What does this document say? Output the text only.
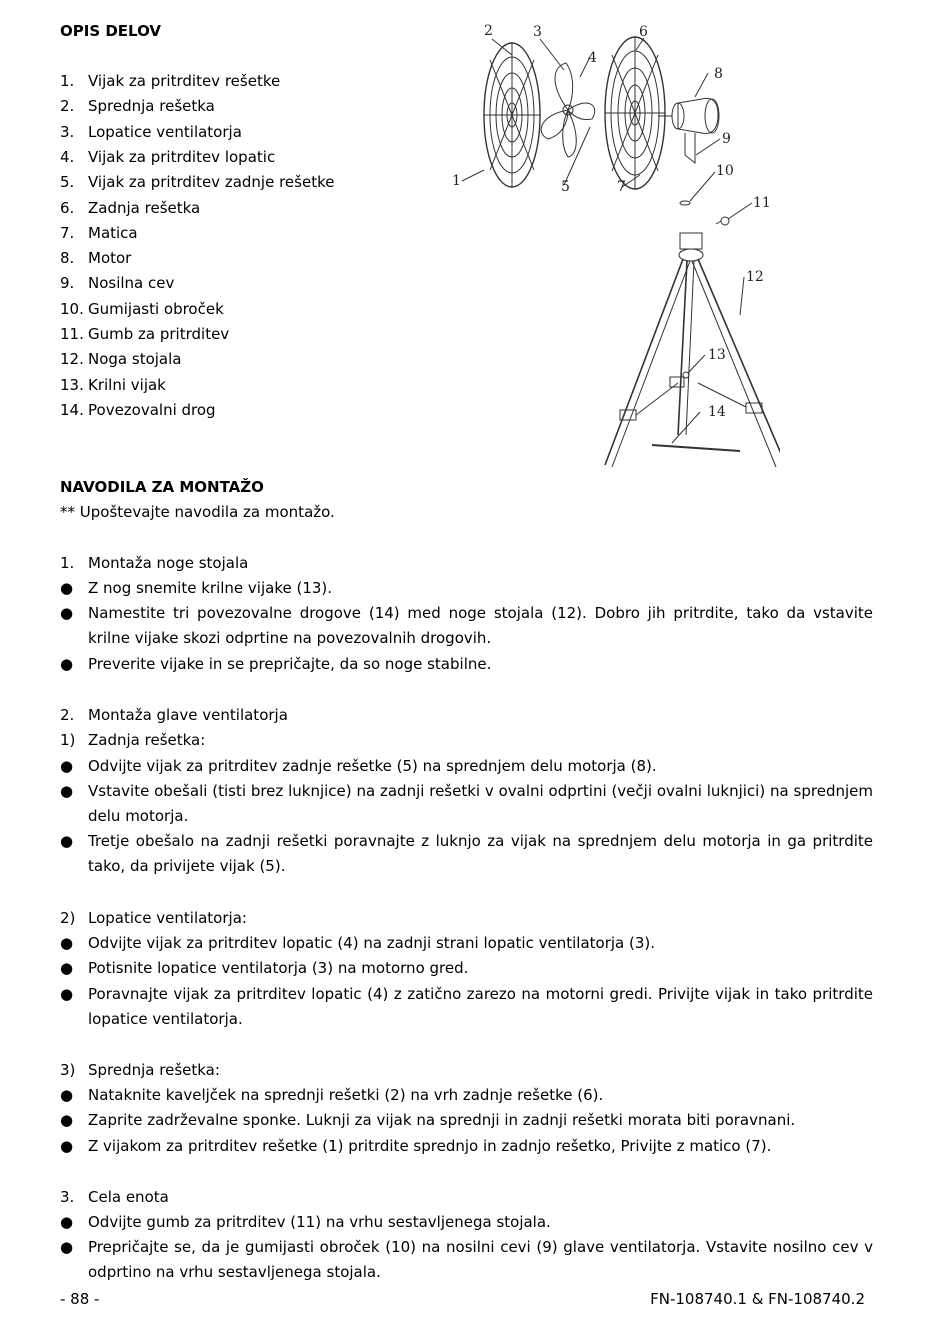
OPIS DELOV
1. Vijak za pritrditev rešetke
2. Sprednja rešetka
3. Lopatice ventilatorja
4. Vijak za pritrditev lopatic
5. Vijak za pritrditev zadnje rešetke
6. Zadnja rešetka
7. Matica
8. Motor
9. Nosilna cev
10. Gumijasti obroček
11. Gumb za pritrditev
12. Noga stojala
13. Krilni vijak
14. Povezovalni drog
1
2	3
4
5
6
7
8
9
10
11
12
13
14
NAVODILA ZA MONTAŽO
** Upoštevajte navodila za montažo.
1. Montaža noge stojala
● Z nog snemite krilne vijake (13).
● Namestite tri povezovalne drogove (14) med noge stojala (12). Dobro jih pritrdite, tako da vstavite krilne vijake skozi odprtine na povezovalnih drogovih.
● Preverite vijake in se prepričajte, da so noge stabilne.
2. Montaža glave ventilatorja
1) Zadnja rešetka:
● Odvijte vijak za pritrditev zadnje rešetke (5) na sprednjem delu motorja (8).
● Vstavite obešali (tisti brez luknjice) na zadnji rešetki v ovalni odprtini (večji ovalni luknjici) na sprednjem delu motorja.
● Tretje obešalo na zadnji rešetki poravnajte z luknjo za vijak na sprednjem delu motorja in ga pritrdite tako, da privijete vijak (5).
2) Lopatice ventilatorja:
● Odvijte vijak za pritrditev lopatic (4) na zadnji strani lopatic ventilatorja (3).
● Potisnite lopatice ventilatorja (3) na motorno gred.
● Poravnajte vijak za pritrditev lopatic (4) z zatično zarezo na motorni gredi. Privijte vijak in tako pritrdite lopatice ventilatorja.
3) Sprednja rešetka:
● Nataknite kaveljček na sprednji rešetki (2) na vrh zadnje rešetke (6).
● Zaprite zadrževalne sponke. Luknji za vijak na sprednji in zadnji rešetki morata biti poravnani.
● Z vijakom za pritrditev rešetke (1) pritrdite sprednjo in zadnjo rešetko, Privijte z matico (7).
3. Cela enota
● Odvijte gumb za pritrditev (11) na vrhu sestavljenega stojala.
● Prepričajte se, da je gumijasti obroček (10) na nosilni cevi (9) glave ventilatorja. Vstavite nosilno cev v odprtino na vrhu sestavljenega stojala.
- 88 -	FN-108740.1 & FN-108740.2
